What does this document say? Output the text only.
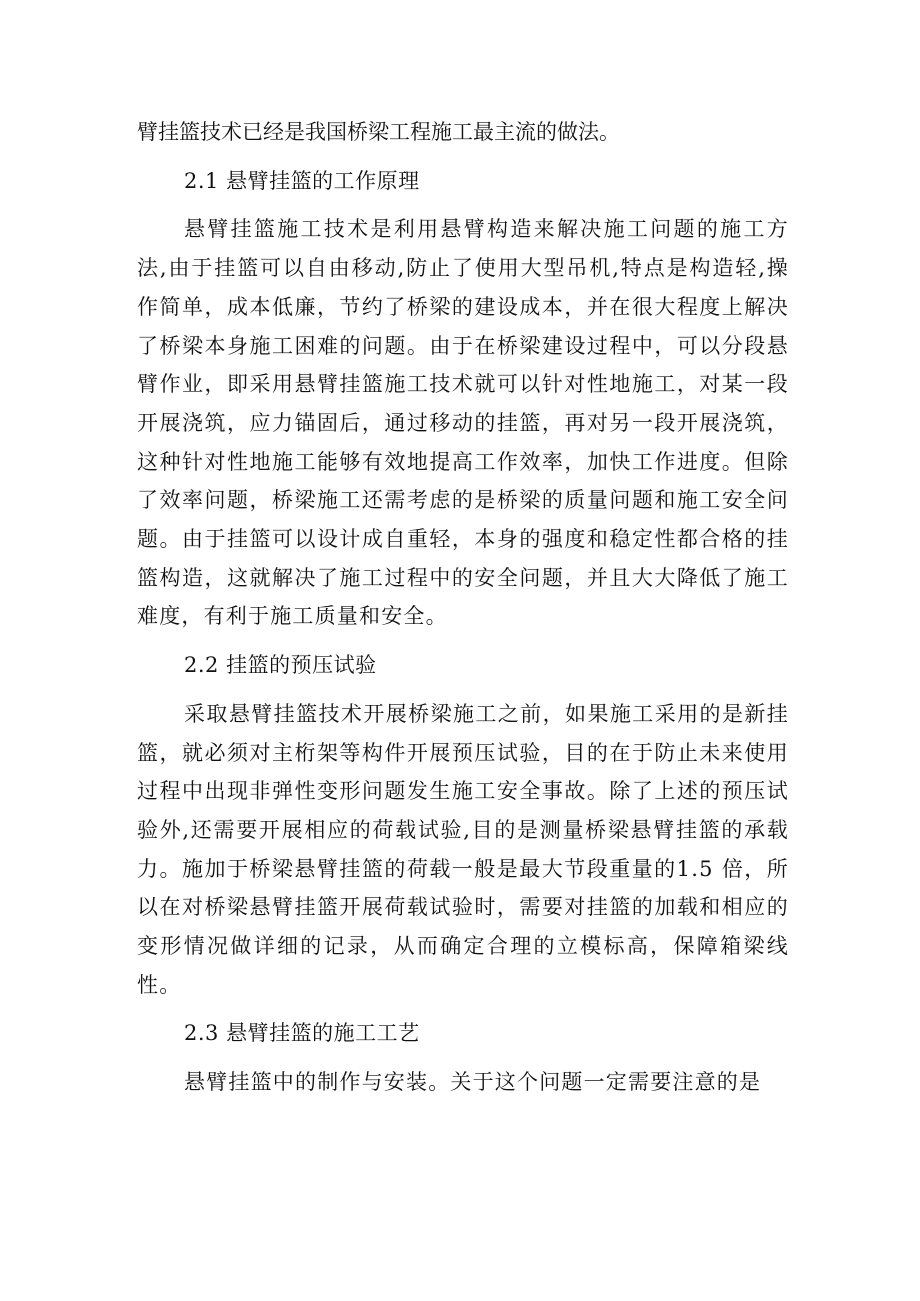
臂挂篮技术已经是我国桥梁工程施工最主流的做法。

2.1 悬臂挂篮的工作原理

悬臂挂篮施工技术是利用悬臂构造来解决施工问题的施工方法,由于挂篮可以自由移动,防止了使用大型吊机,特点是构造轻,操作简单，成本低廉，节约了桥梁的建设成本，并在很大程度上解决了桥梁本身施工困难的问题。由于在桥梁建设过程中，可以分段悬臂作业，即采用悬臂挂篮施工技术就可以针对性地施工，对某一段开展浇筑，应力锚固后，通过移动的挂篮，再对另一段开展浇筑，这种针对性地施工能够有效地提高工作效率，加快工作进度。但除了效率问题，桥梁施工还需考虑的是桥梁的质量问题和施工安全问题。由于挂篮可以设计成自重轻，本身的强度和稳定性都合格的挂篮构造，这就解决了施工过程中的安全问题，并且大大降低了施工难度，有利于施工质量和安全。

2.2 挂篮的预压试验

采取悬臂挂篮技术开展桥梁施工之前，如果施工采用的是新挂篮，就必须对主桁架等构件开展预压试验，目的在于防止未来使用过程中出现非弹性变形问题发生施工安全事故。除了上述的预压试验外,还需要开展相应的荷载试验,目的是测量桥梁悬臂挂篮的承载力。施加于桥梁悬臂挂篮的荷载一般是最大节段重量的1.5 倍，所以在对桥梁悬臂挂篮开展荷载试验时，需要对挂篮的加载和相应的变形情况做详细的记录，从而确定合理的立模标高，保障箱梁线性。

2.3 悬臂挂篮的施工工艺

悬臂挂篮中的制作与安装。关于这个问题一定需要注意的是
